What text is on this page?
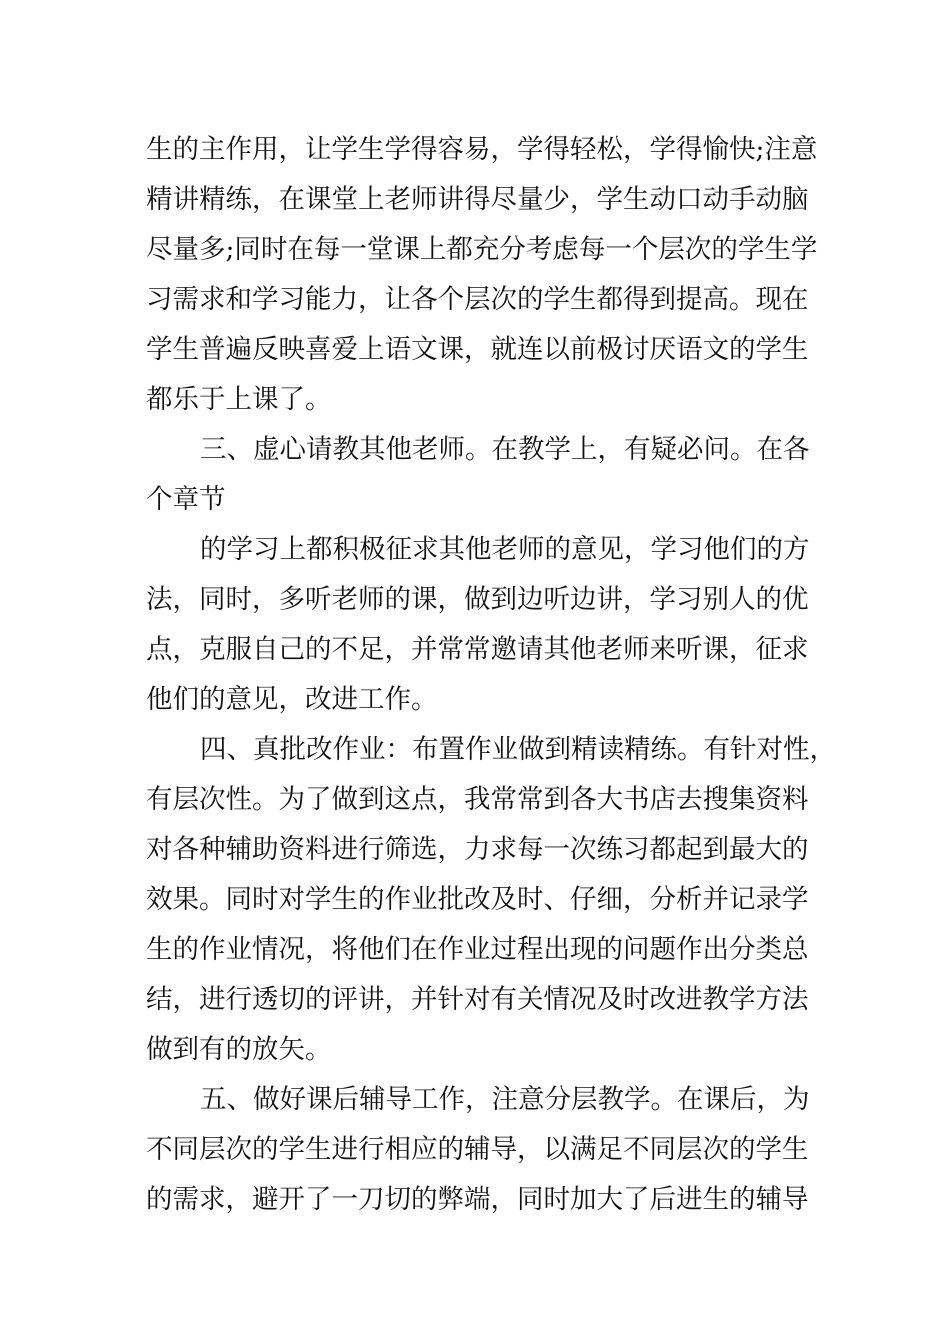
生的主作用，让学生学得容易，学得轻松，学得愉快;注意
精讲精练，在课堂上老师讲得尽量少，学生动口动手动脑
尽量多;同时在每一堂课上都充分考虑每一个层次的学生学
习需求和学习能力，让各个层次的学生都得到提高。现在
学生普遍反映喜爱上语文课，就连以前极讨厌语文的学生
都乐于上课了。
三、虚心请教其他老师。在教学上，有疑必问。在各
个章节
的学习上都积极征求其他老师的意见，学习他们的方
法，同时，多听老师的课，做到边听边讲，学习别人的优
点，克服自己的不足，并常常邀请其他老师来听课，征求
他们的意见，改进工作。
四、真批改作业：布置作业做到精读精练。有针对性，
有层次性。为了做到这点，我常常到各大书店去搜集资料
对各种辅助资料进行筛选，力求每一次练习都起到最大的
效果。同时对学生的作业批改及时、仔细，分析并记录学
生的作业情况，将他们在作业过程出现的问题作出分类总
结，进行透切的评讲，并针对有关情况及时改进教学方法
做到有的放矢。
五、做好课后辅导工作，注意分层教学。在课后，为
不同层次的学生进行相应的辅导，以满足不同层次的学生
的需求，避开了一刀切的弊端，同时加大了后进生的辅导
